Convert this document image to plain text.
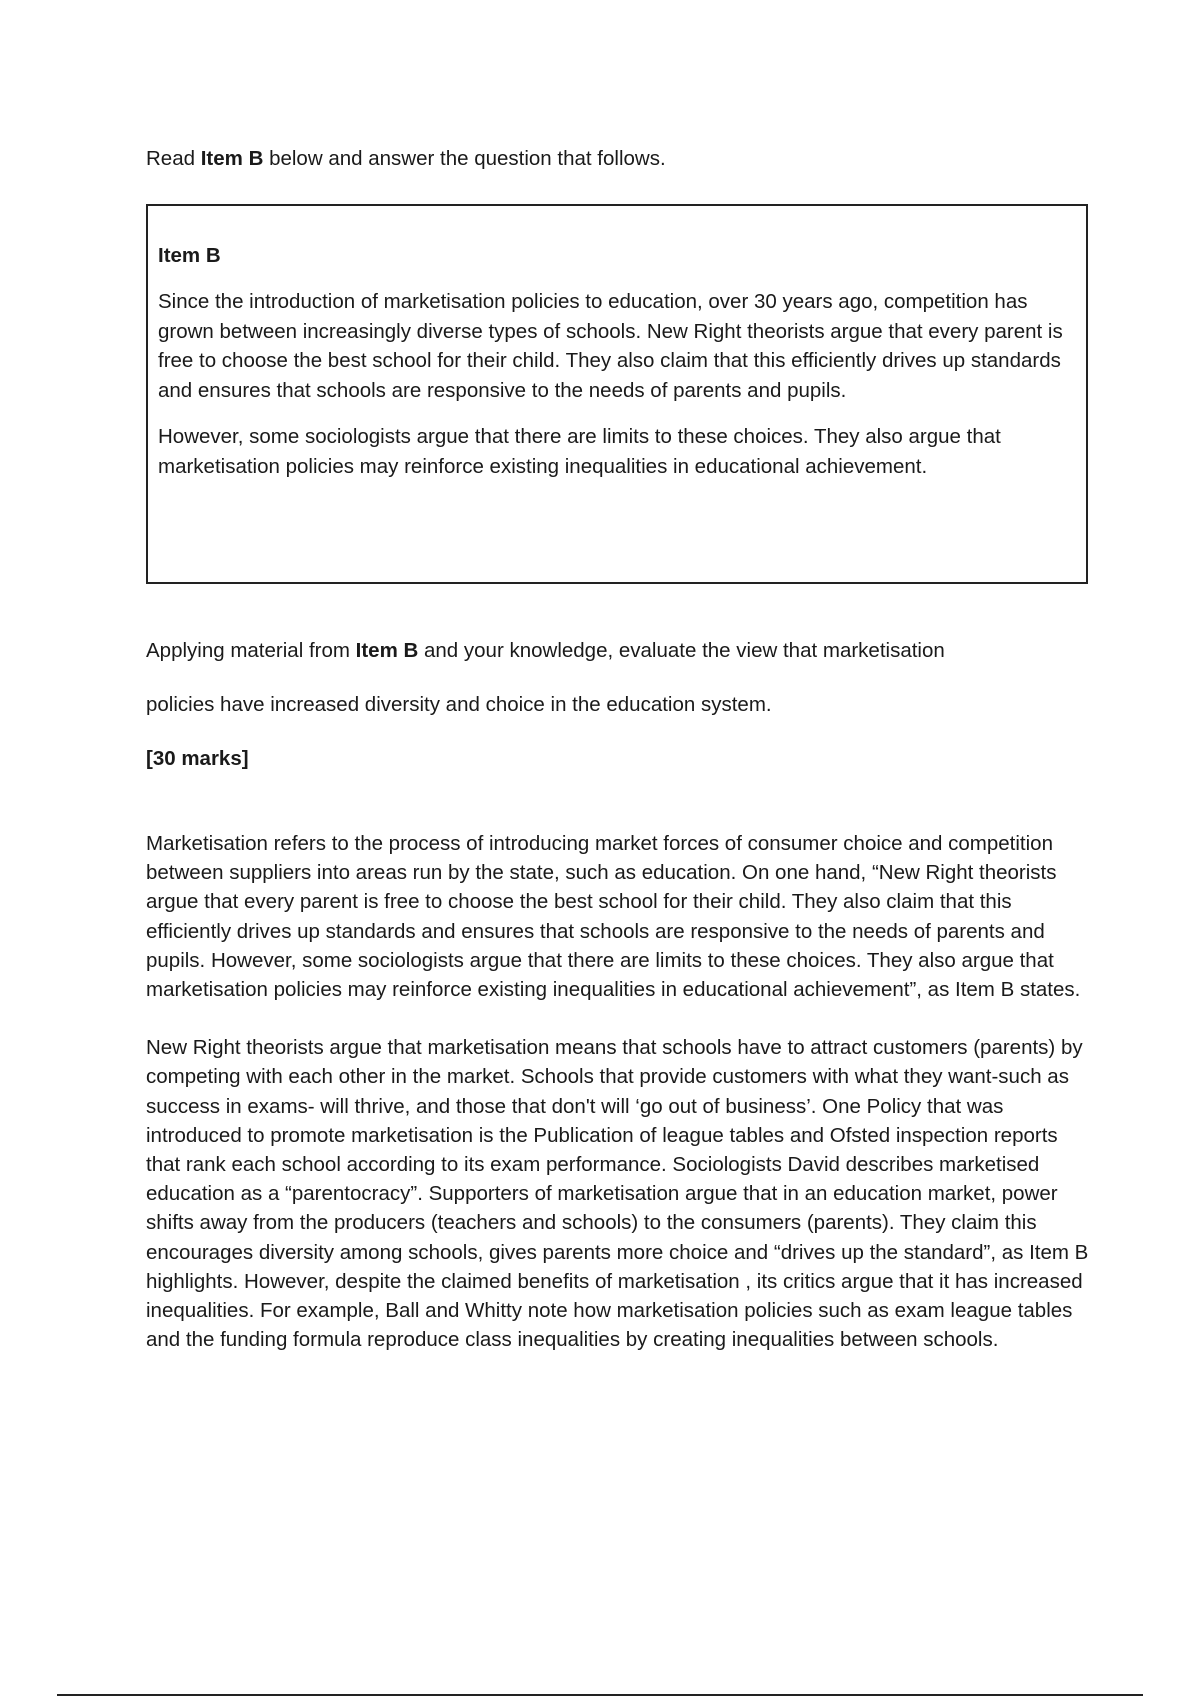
Read Item B below and answer the question that follows.
Item B

Since the introduction of marketisation policies to education, over 30 years ago, competition has grown between increasingly diverse types of schools. New Right theorists argue that every parent is free to choose the best school for their child. They also claim that this efficiently drives up standards and ensures that schools are responsive to the needs of parents and pupils.

However, some sociologists argue that there are limits to these choices. They also argue that marketisation policies may reinforce existing inequalities in educational achievement.

Applying material from Item B and your knowledge, evaluate the view that marketisation

policies have increased diversity and choice in the education system.

[30 marks]

Marketisation refers to the process of introducing market forces of consumer choice and competition between suppliers into areas run by the state, such as education. On one hand, “New Right theorists argue that every parent is free to choose the best school for their child. They also claim that this efficiently drives up standards and ensures that schools are responsive to the needs of parents and pupils. However, some sociologists argue that there are limits to these choices. They also argue that marketisation policies may reinforce existing inequalities in educational achievement”, as Item B states.

New Right theorists argue that marketisation means that schools have to attract customers (parents) by competing with each other in the market. Schools that provide customers with what they want-such as success in exams- will thrive, and those that don't will ‘go out of business’. One Policy that was introduced to promote marketisation is the Publication of league tables and Ofsted inspection reports that rank each school according to its exam performance. Sociologists David describes marketised education as a “parentocracy”. Supporters of marketisation argue that in an education market, power shifts away from the producers (teachers and schools) to the consumers (parents). They claim this encourages diversity among schools, gives parents more choice and “drives up the standard”, as Item B highlights. However, despite the claimed benefits of marketisation , its critics argue that it has increased inequalities. For example, Ball and Whitty note how marketisation policies such as exam league tables and the funding formula reproduce class inequalities by creating inequalities between schools.
